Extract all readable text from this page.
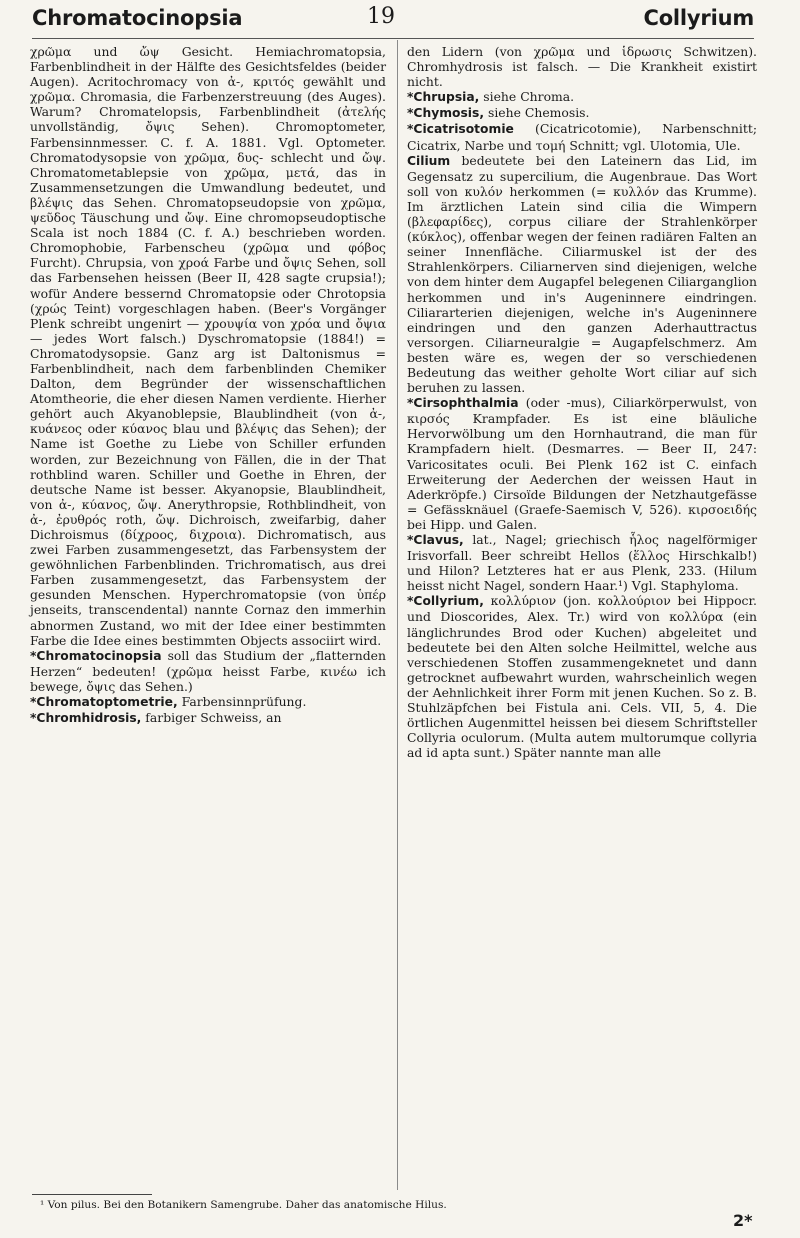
Chromatocinopsia	19	Collyrium

χρῶμα und ὤψ Gesicht. Hemiachromatopsia, Farbenblindheit in der Hälfte des Gesichtsfeldes (beider Augen). Acritochromacy von ἀ-, κριτός gewählt und χρῶμα. Chromasia, die Farbenzerstreuung (des Auges). Warum? Chromatelopsis, Farbenblindheit (ἀτελής unvollständig, ὄψις Sehen). Chromoptometer, Farbensinnmesser. C. f. A. 1881. Vgl. Optometer. Chromatodysopsie von χρῶμα, δυς- schlecht und ὤψ. Chromatometablepsie von χρῶμα, μετά, das in Zusammensetzungen die Umwandlung bedeutet, und βλέψις das Sehen. Chromatopseudopsie von χρῶμα, ψεῦδος Täuschung und ὤψ. Eine chromopseudoptische Scala ist noch 1884 (C. f. A.) beschrieben worden. Chromophobie, Farbenscheu (χρῶμα und φόβος Furcht). Chrupsia, von χροά Farbe und ὄψις Sehen, soll das Farbensehen heissen (Beer II, 428 sagte crupsia!); wofür Andere bessernd Chromatopsie oder Chrotopsia (χρώς Teint) vorgeschlagen haben. (Beer's Vorgänger Plenk schreibt ungenirt — χρουψία von χρόα und ὄψια — jedes Wort falsch.) Dyschromatopsie (1884!) = Chromatodysopsie. Ganz arg ist Daltonismus = Farbenblindheit, nach dem farbenblinden Chemiker Dalton, dem Begründer der wissenschaftlichen Atomtheorie, die eher diesen Namen verdiente. Hierher gehört auch Akyanoblepsie, Blaublindheit (von ἀ-, κυάνεος oder κύανος blau und βλέψις das Sehen); der Name ist Goethe zu Liebe von Schiller erfunden worden, zur Bezeichnung von Fällen, die in der That rothblind waren. Schiller und Goethe in Ehren, der deutsche Name ist besser. Akyanopsie, Blaublindheit, von ἀ-, κύανος, ὤψ. Anerythropsie, Rothblindheit, von ἀ-, ἐρυθρός roth, ὤψ. Dichroisch, zweifarbig, daher Dichroismus (δίχροος, διχροια). Dichromatisch, aus zwei Farben zusammengesetzt, das Farbensystem der gewöhnlichen Farbenblinden. Trichromatisch, aus drei Farben zusammengesetzt, das Farbensystem der gesunden Menschen. Hyperchromatopsie (von ὑπέρ jenseits, transcendental) nannte Cornaz den immerhin abnormen Zustand, wo mit der Idee einer bestimmten Farbe die Idee eines bestimmten Objects associirt wird.

*Chromatocinopsia soll das Studium der „flatternden Herzen“ bedeuten! (χρῶμα heisst Farbe, κινέω ich bewege, ὄψις das Sehen.)

*Chromatoptometrie, Farbensinnprüfung.

*Chromhidrosis, farbiger Schweiss, an

den Lidern (von χρῶμα und ἱδρωσις Schwitzen). Chromhydrosis ist falsch. — Die Krankheit existirt nicht.

*Chrupsia, siehe Chroma.

*Chymosis, siehe Chemosis.

*Cicatrisotomie (Cicatricotomie), Narbenschnitt; Cicatrix, Narbe und τομή Schnitt; vgl. Ulotomia, Ule.

Cilium bedeutete bei den Lateinern das Lid, im Gegensatz zu supercilium, die Augenbraue. Das Wort soll von κυλόν herkommen (= κυλλόν das Krumme). Im ärztlichen Latein sind cilia die Wimpern (βλεφαρίδες), corpus ciliare der Strahlenkörper (κύκλος), offenbar wegen der feinen radiären Falten an seiner Innenfläche. Ciliarmuskel ist der des Strahlenkörpers. Ciliarnerven sind diejenigen, welche von dem hinter dem Augapfel belegenen Ciliarganglion herkommen und in's Augeninnere eindringen. Ciliararterien diejenigen, welche in's Augeninnere eindringen und den ganzen Aderhauttractus versorgen. Ciliarneuralgie = Augapfelschmerz. Am besten wäre es, wegen der so verschiedenen Bedeutung das weither geholte Wort ciliar auf sich beruhen zu lassen.

*Cirsophthalmia (oder -mus), Ciliarkörperwulst, von κιρσός Krampfader. Es ist eine bläuliche Hervorwölbung um den Hornhautrand, die man für Krampfadern hielt. (Desmarres. — Beer II, 247: Varicositates oculi. Bei Plenk 162 ist C. einfach Erweiterung der Aederchen der weissen Haut in Aderkröpfe.) Cirsoïde Bildungen der Netzhautgefässe = Gefässknäuel (Graefe-Saemisch V, 526). κιρσοειδής bei Hipp. und Galen.

*Clavus, lat., Nagel; griechisch ἧλος nagelförmiger Irisvorfall. Beer schreibt Hellos (ἕλλος Hirschkalb!) und Hilon? Letzteres hat er aus Plenk, 233. (Hilum heisst nicht Nagel, sondern Haar.¹) Vgl. Staphyloma.

*Collyrium, κολλύριον (jon. κολλούριον bei Hippocr. und Dioscorides, Alex. Tr.) wird von κολλύρα (ein länglichrundes Brod oder Kuchen) abgeleitet und bedeutete bei den Alten solche Heilmittel, welche aus verschiedenen Stoffen zusammengeknetet und dann getrocknet aufbewahrt wurden, wahrscheinlich wegen der Aehnlichkeit ihrer Form mit jenen Kuchen. So z. B. Stuhlzäpfchen bei Fistula ani. Cels. VII, 5, 4. Die örtlichen Augenmittel heissen bei diesem Schriftsteller Collyria oculorum. (Multa autem multorumque collyria ad id apta sunt.) Später nannte man alle

¹ Von pilus. Bei den Botanikern Samengrube. Daher das anatomische Hilus.
2*
